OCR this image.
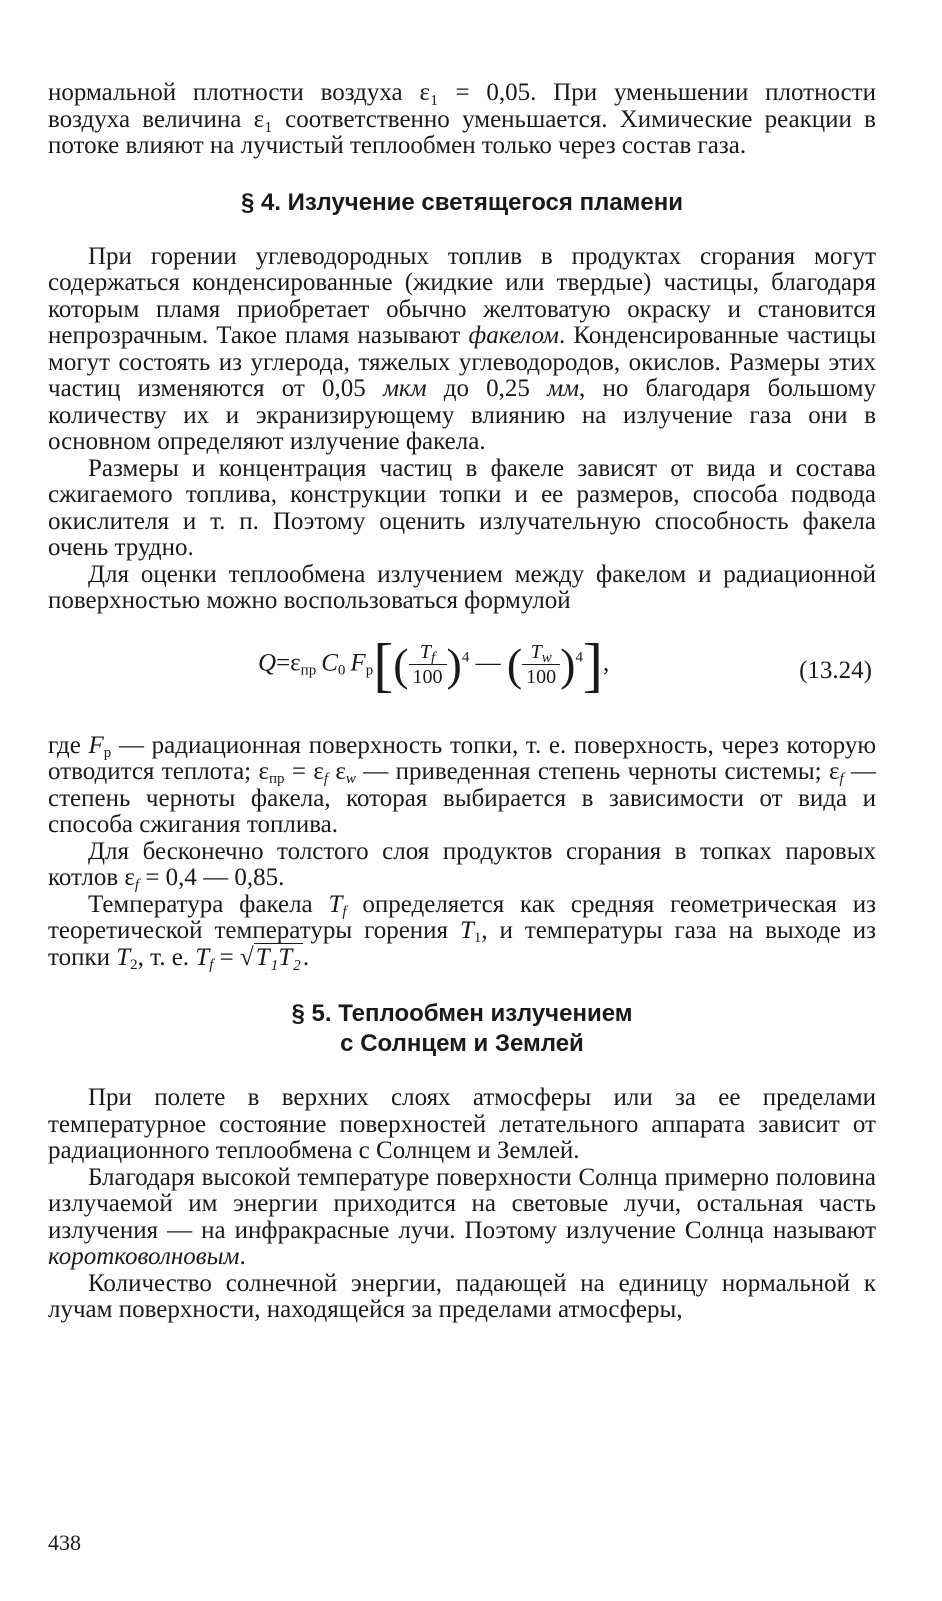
нормальной плотности воздуха ε₁ = 0,05. При уменьшении плотности воздуха величина ε₁ соответственно уменьшается. Химические реакции в потоке влияют на лучистый теплообмен только через состав газа.

§ 4. Излучение светящегося пламени

При горении углеводородных топлив в продуктах сгорания могут содержаться конденсированные (жидкие или твердые) частицы, благодаря которым пламя приобретает обычно желтоватую окраску и становится непрозрачным. Такое пламя называют факелом. Конденсированные частицы могут состоять из углерода, тяжелых углеводородов, окислов. Размеры этих частиц изменяются от 0,05 мкм до 0,25 мм, но благодаря большому количеству их и экранизирующему влиянию на излучение газа они в основном определяют излучение факела.

Размеры и концентрация частиц в факеле зависят от вида и состава сжигаемого топлива, конструкции топки и ее размеров, способа подвода окислителя и т. п. Поэтому оценить излучательную способность факела очень трудно.

Для оценки теплообмена излучением между факелом и радиационной поверхностью можно воспользоваться формулой

$Q=\varepsilon_{пр}$  $C_0$  $F_р[( \frac{T_f}{100} )^4$ — ( $\frac{T_w}{100} )^4$],	(13.24)

где $F_р$ — радиационная поверхность топки, т. е. поверхность, через которую отводится теплота; $\varepsilon_{пр} = \varepsilon_f$ $\varepsilon_w$ — приведенная степень черноты системы; $\varepsilon_f$ — степень черноты факела, которая выбирается в зависимости от вида и способа сжигания топлива.

Для бесконечно толстого слоя продуктов сгорания в топках паровых котлов $\varepsilon_f = 0,4$ — 0,85.

Температура факела $T_f$ определяется как средняя геометрическая из теоретической температуры горения $T_1$, и температуры газа на выходе из топки $T_2$, т. е. $T_f = √T_1T_2$.

§ 5. Теплообмен излучением
с Солнцем и Землей

При полете в верхних слоях атмосферы или за ее пределами температурное состояние поверхностей летательного аппарата зависит от радиационного теплообмена с Солнцем и Землей.

Благодаря высокой температуре поверхности Солнца примерно половина излучаемой им энергии приходится на световые лучи, остальная часть излучения — на инфракрасные лучи. Поэтому излучение Солнца называют коротковолновым.

Количество солнечной энергии, падающей на единицу нормальной к лучам поверхности, находящейся за пределами атмосферы,

438
